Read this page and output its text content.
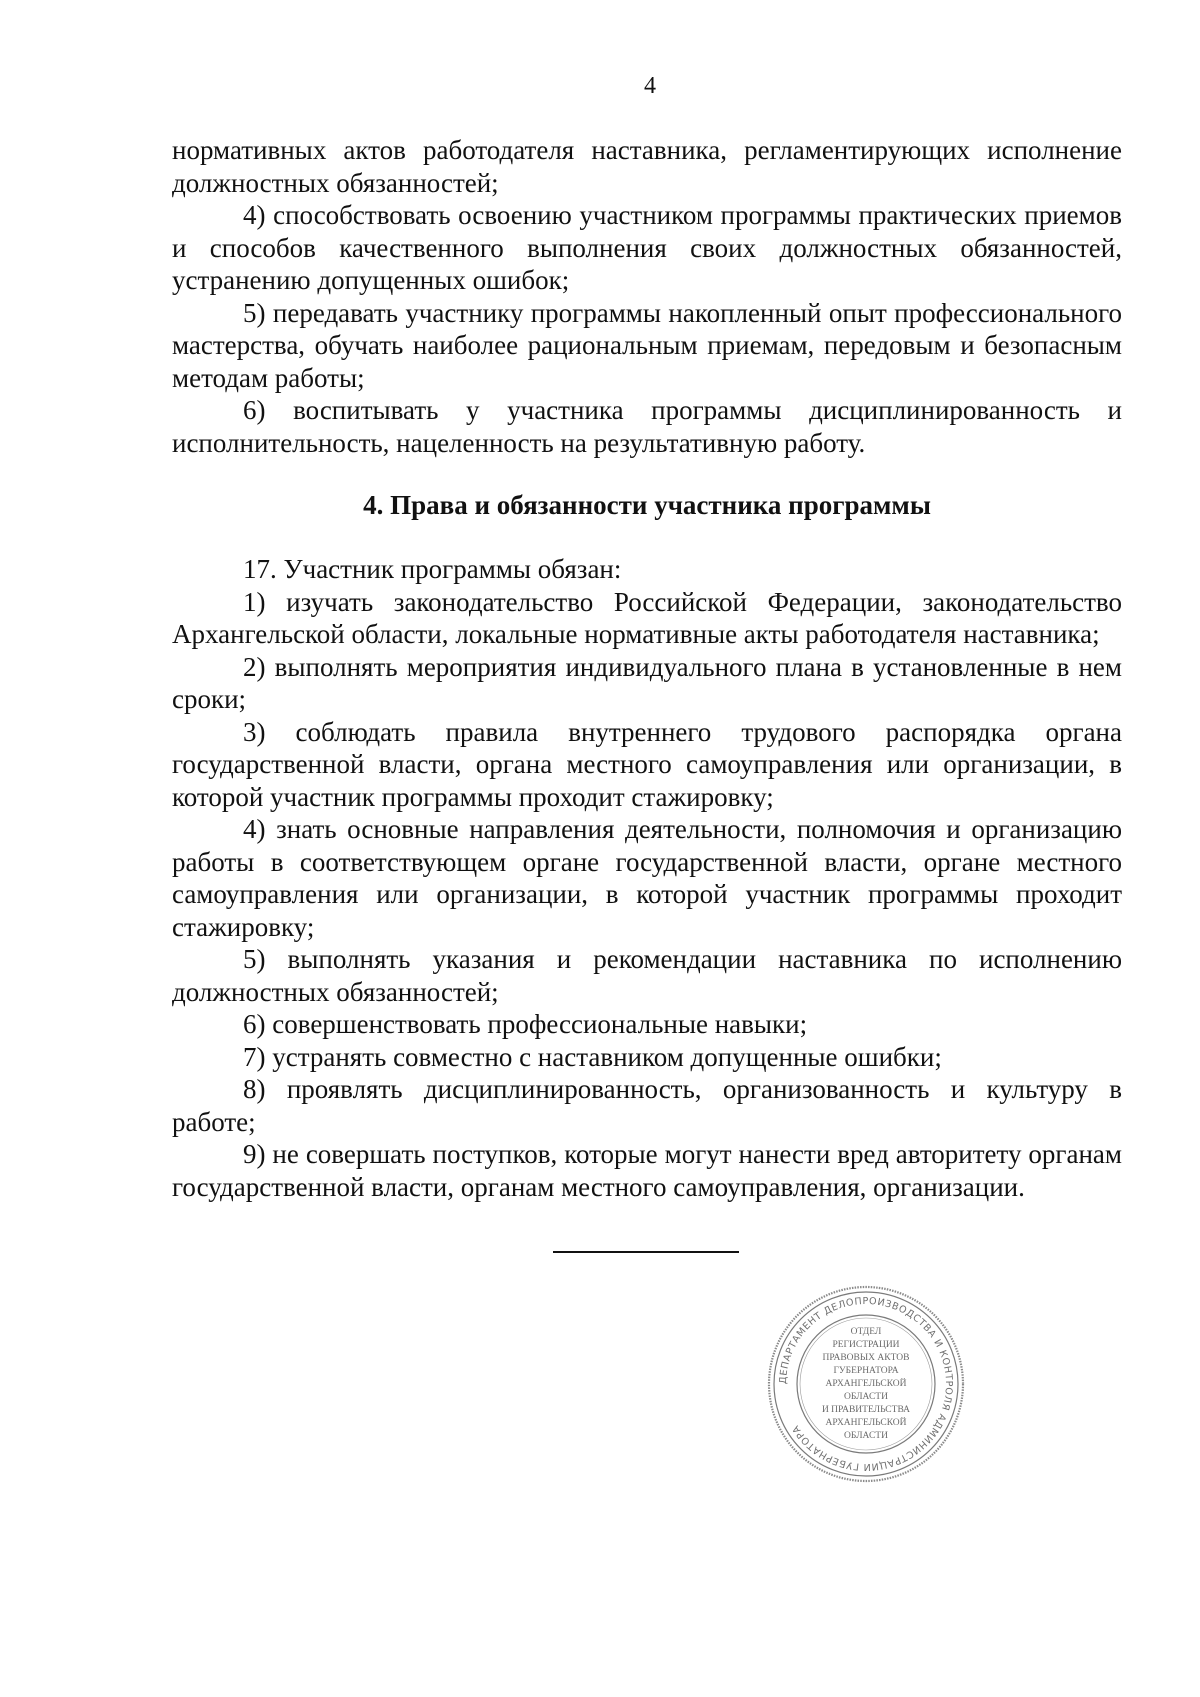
4

нормативных актов работодателя наставника, регламентирующих исполнение должностных обязанностей;

4) способствовать освоению участником программы практических приемов и способов качественного выполнения своих должностных обязанностей, устранению допущенных ошибок;

5) передавать участнику программы накопленный опыт профессионального мастерства, обучать наиболее рациональным приемам, передовым и безопасным методам работы;

6) воспитывать у участника программы дисциплинированность и исполнительность, нацеленность на результативную работу.

4. Права и обязанности участника программы

17. Участник программы обязан:

1) изучать законодательство Российской Федерации, законодательство Архангельской области, локальные нормативные акты работодателя наставника;

2) выполнять мероприятия индивидуального плана в установленные в нем сроки;

3) соблюдать правила внутреннего трудового распорядка органа государственной власти, органа местного самоуправления или организации, в которой участник программы проходит стажировку;

4) знать основные направления деятельности, полномочия и организацию работы в соответствующем органе государственной власти, органе местного самоуправления или организации, в которой участник программы проходит стажировку;

5) выполнять указания и рекомендации наставника по исполнению должностных обязанностей;

6) совершенствовать профессиональные навыки;

7) устранять совместно с наставником допущенные ошибки;

8) проявлять дисциплинированность, организованность и культуру в работе;

9) не совершать поступков, которые могут нанести вред авторитету органам государственной власти, органам местного самоуправления, организации.

ДЕПАРТАМЕНТ ДЕЛОПРОИЗВОДСТВА И КОНТРОЛЯ АДМИНИСТРАЦИИ ГУБЕРНАТОРА
ОТДЕЛ
РЕГИСТРАЦИИ
ПРАВОВЫХ АКТОВ
ГУБЕРНАТОРА
АРХАНГЕЛЬСКОЙ
ОБЛАСТИ
И ПРАВИТЕЛЬСТВА
АРХАНГЕЛЬСКОЙ
ОБЛАСТИ
